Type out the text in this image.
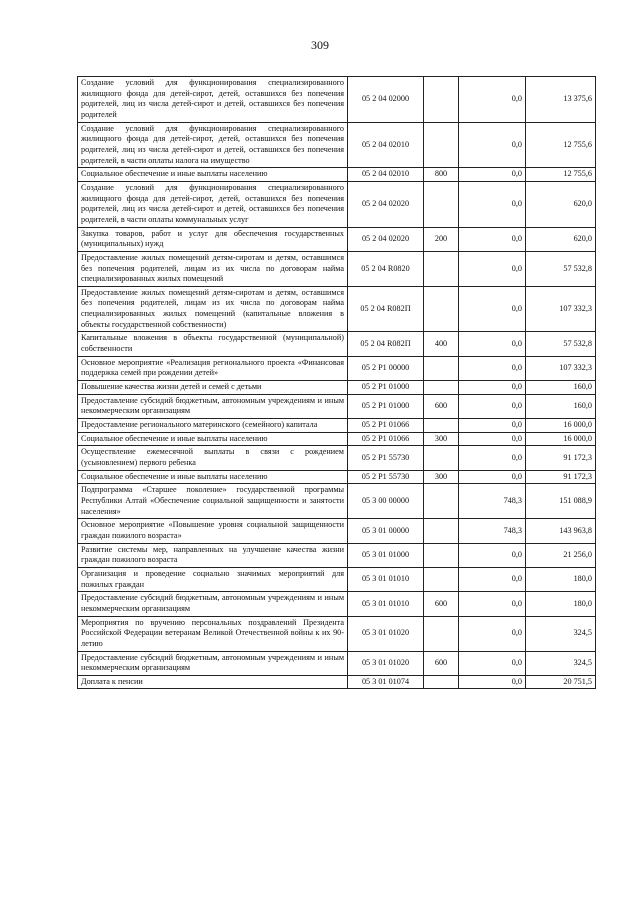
309
Создание условий для функционирования специализированного жилищного фонда для детей-сирот, детей, оставшихся без попечения родителей, лиц из числа детей-сирот и детей, оставшихся без попечения родителей	05 2 04 02000		0,0	13 375,6
Создание условий для функционирования специализированного жилищного фонда для детей-сирот, детей, оставшихся без попечения родителей, лиц из числа детей-сирот и детей, оставшихся без попечения родителей, в части оплаты налога на имущество	05 2 04 02010		0,0	12 755,6
Социальное обеспечение и иные выплаты населению	05 2 04 02010	800	0,0	12 755,6
Создание условий для функционирования специализированного жилищного фонда для детей-сирот, детей, оставшихся без попечения родителей, лиц из числа детей-сирот и детей, оставшихся без попечения родителей, в части оплаты коммунальных услуг	05 2 04 02020		0,0	620,0
Закупка товаров, работ и услуг для обеспечения государственных (муниципальных) нужд	05 2 04 02020	200	0,0	620,0
Предоставление жилых помещений детям-сиротам и детям, оставшимся без попечения родителей, лицам из их числа по договорам найма специализированных жилых помещений	05 2 04 R0820		0,0	57 532,8
Предоставление жилых помещений детям-сиротам и детям, оставшимся без попечения родителей, лицам из их числа по договорам найма специализированных жилых помещений (капитальные вложения в объекты государственной собственности)	05 2 04 R082П		0,0	107 332,3
Капитальные вложения в объекты государственной (муниципальной) собственности	05 2 04 R082П	400	0,0	57 532,8
Основное мероприятие «Реализация регионального проекта «Финансовая поддержка семей при рождении детей»	05 2 P1 00000		0,0	107 332,3
Повышение качества жизни детей и семей с детьми	05 2 P1 01000		0,0	160,0
Предоставление субсидий бюджетным, автономным учреждениям и иным некоммерческим организациям	05 2 P1 01000	600	0,0	160,0
Предоставление регионального материнского (семейного) капитала	05 2 P1 01066		0,0	16 000,0
Социальное обеспечение и иные выплаты населению	05 2 P1 01066	300	0,0	16 000,0
Осуществление ежемесячной выплаты в связи с рождением (усыновлением) первого ребенка	05 2 P1 55730		0,0	91 172,3
Социальное обеспечение и иные выплаты населению	05 2 P1 55730	300	0,0	91 172,3
Подпрограмма «Старшее поколение» государственной программы Республики Алтай «Обеспечение социальной защищенности и занятости населения»	05 3 00 00000		748,3	151 088,9
Основное мероприятие «Повышение уровня социальной защищенности граждан пожилого возраста»	05 3 01 00000		748,3	143 963,8
Развитие системы мер, направленных на улучшение качества жизни граждан пожилого возраста	05 3 01 01000		0,0	21 256,0
Организация и проведение социально значимых мероприятий для пожилых граждан	05 3 01 01010		0,0	180,0
Предоставление субсидий бюджетным, автономным учреждениям и иным некоммерческим организациям	05 3 01 01010	600	0,0	180,0
Мероприятия по вручению персональных поздравлений Президента Российской Федерации ветеранам Великой Отечественной войны к их 90-летию	05 3 01 01020		0,0	324,5
Предоставление субсидий бюджетным, автономным учреждениям и иным некоммерческим организациям	05 3 01 01020	600	0,0	324,5
Доплата к пенсии	05 3 01 01074		0,0	20 751,5
